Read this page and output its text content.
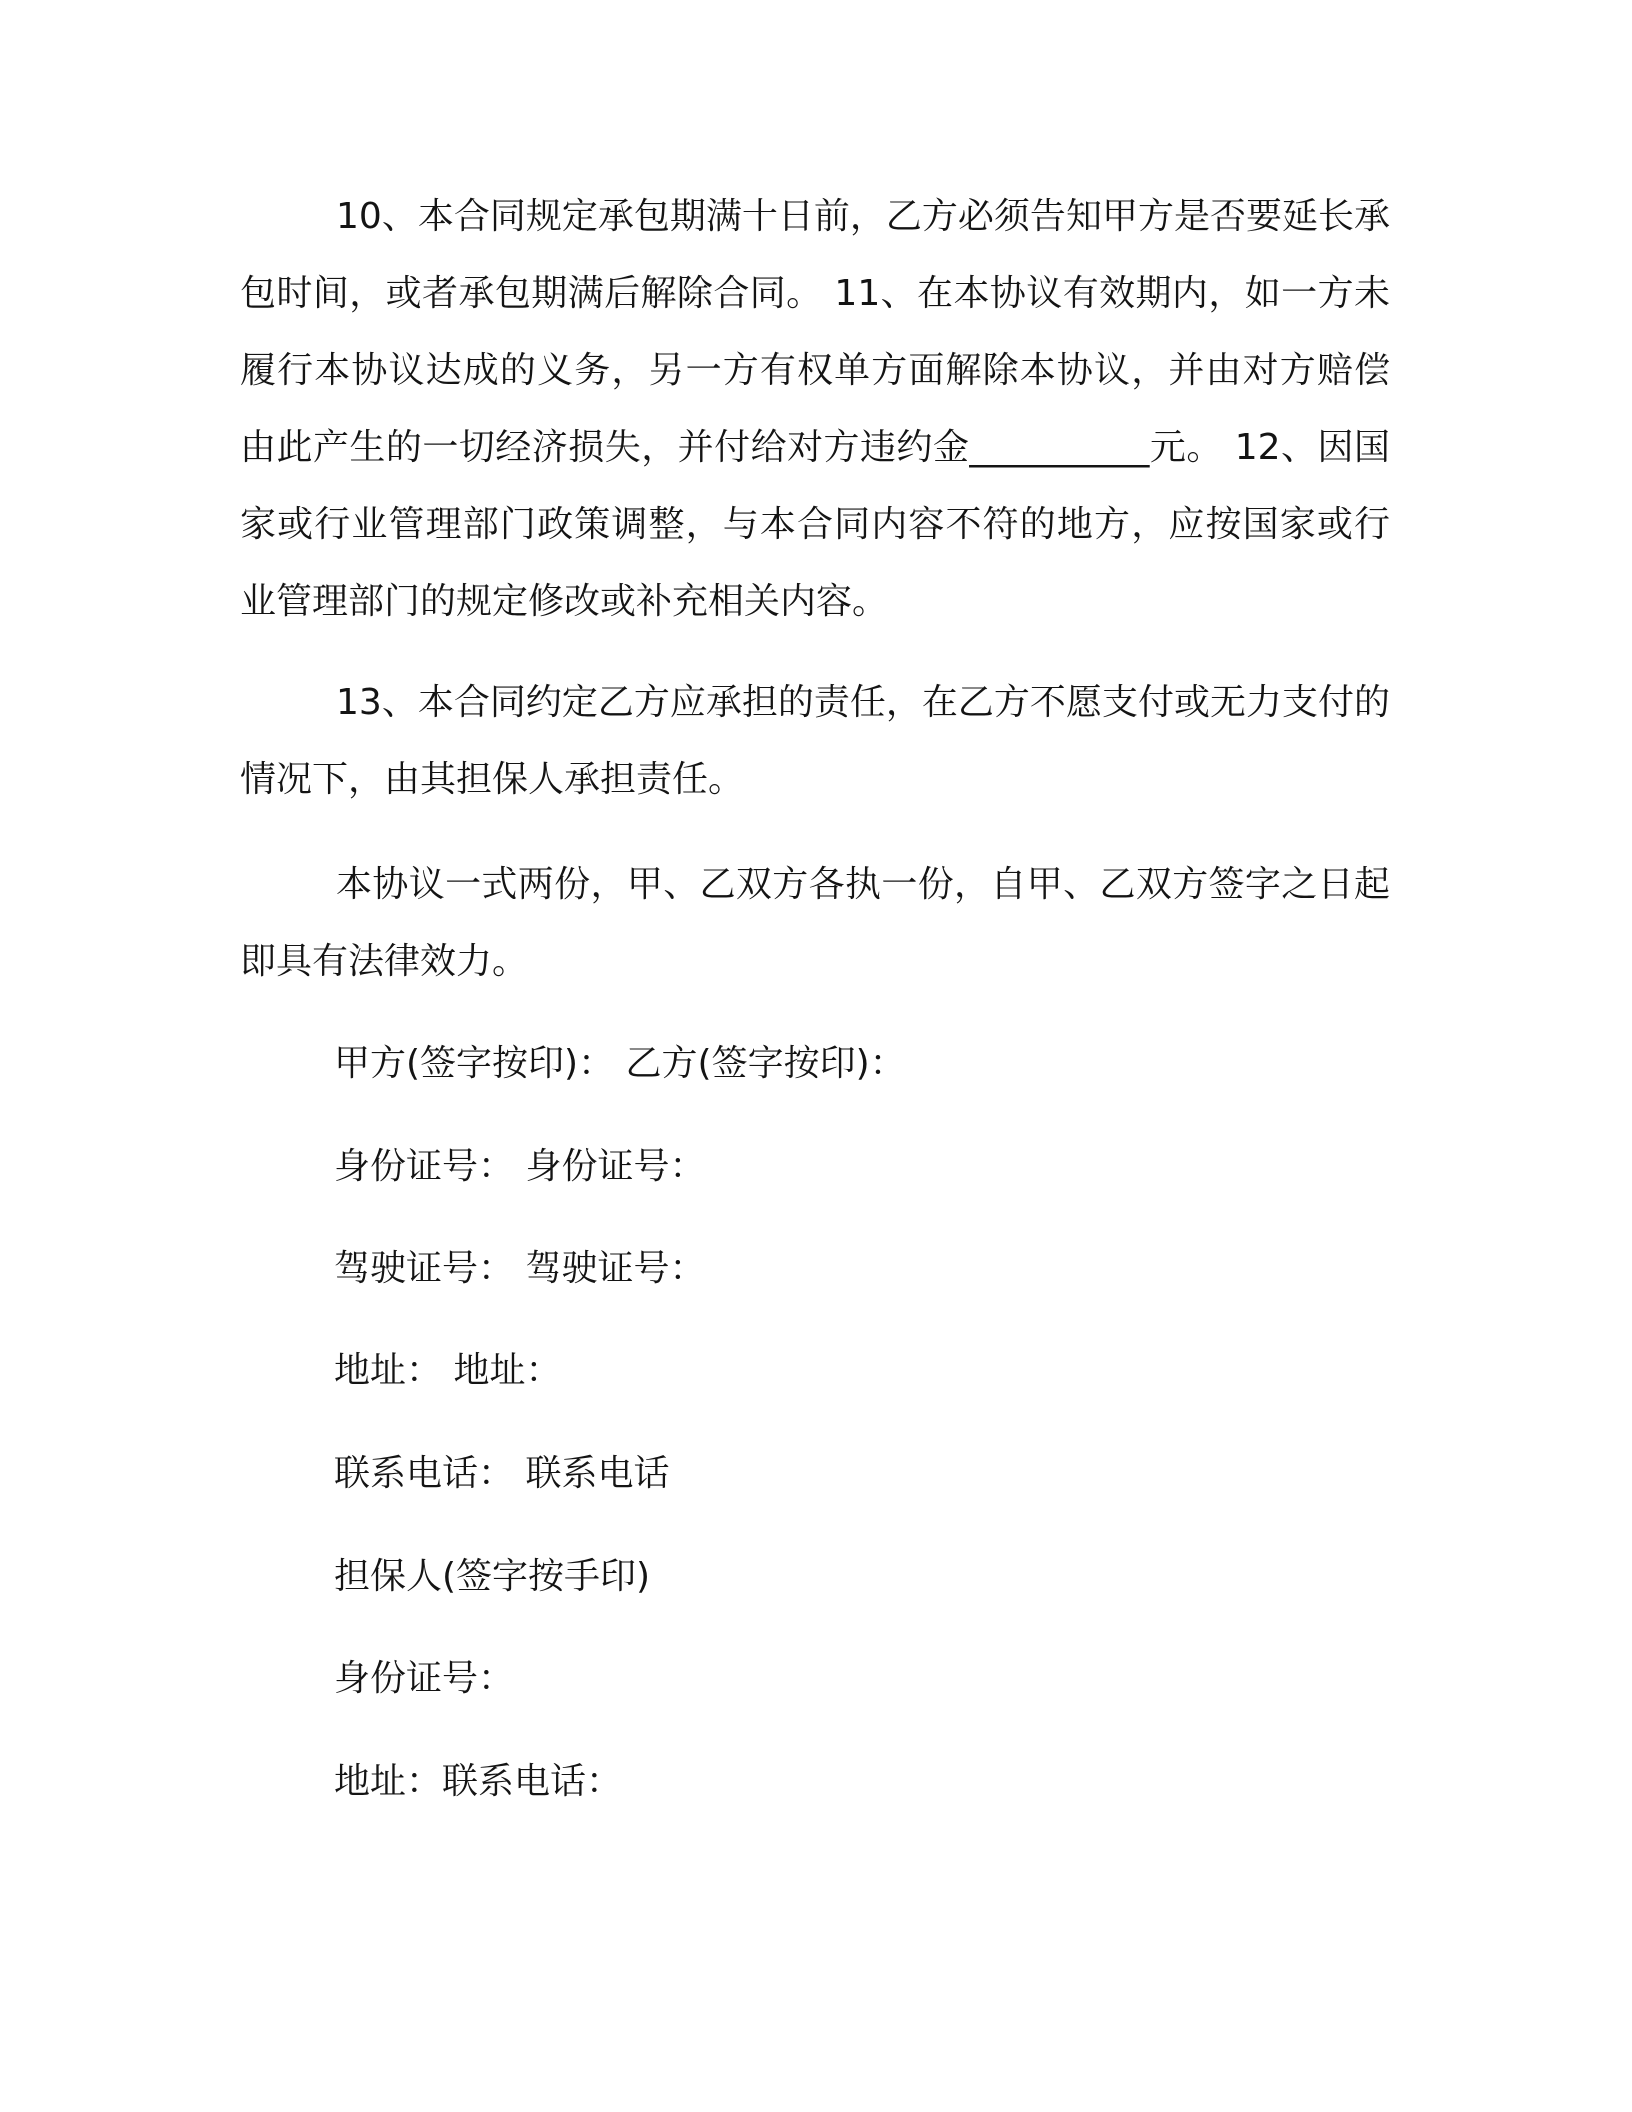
10、本合同规定承包期满十日前，乙方必须告知甲方是否要延长承包时间，或者承包期满后解除合同。 11、在本协议有效期内，如一方未履行本协议达成的义务，另一方有权单方面解除本协议，并由对方赔偿由此产生的一切经济损失，并付给对方违约金__________元。 12、因国家或行业管理部门政策调整，与本合同内容不符的地方，应按国家或行业管理部门的规定修改或补充相关内容。

13、本合同约定乙方应承担的责任，在乙方不愿支付或无力支付的情况下，由其担保人承担责任。

本协议一式两份，甲、乙双方各执一份，自甲、乙双方签字之日起即具有法律效力。

甲方(签字按印)： 乙方(签字按印)：

身份证号： 身份证号：

驾驶证号： 驾驶证号：

地址： 地址：

联系电话： 联系电话

担保人(签字按手印)

身份证号：

地址：联系电话：
